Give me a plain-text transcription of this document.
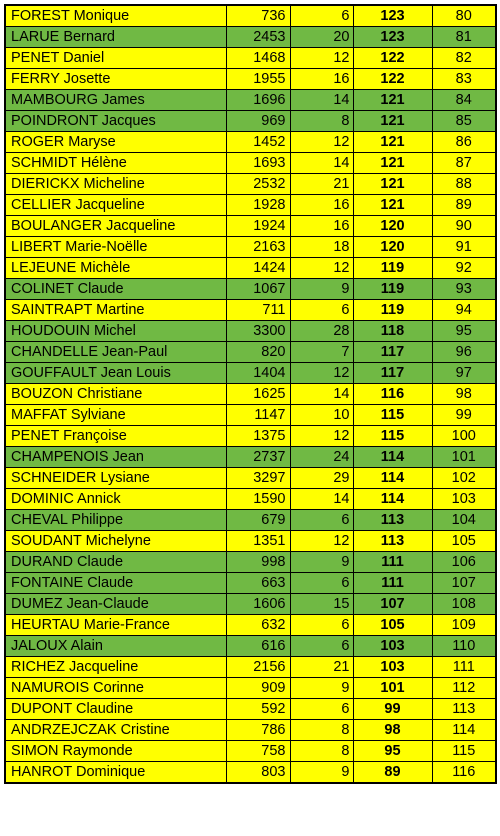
FOREST Monique	736	6	123	80
LARUE Bernard	2453	20	123	81
PENET Daniel	1468	12	122	82
FERRY Josette	1955	16	122	83
MAMBOURG James	1696	14	121	84
POINDRONT Jacques	969	8	121	85
ROGER Maryse	1452	12	121	86
SCHMIDT Hélène	1693	14	121	87
DIERICKX Micheline	2532	21	121	88
CELLIER Jacqueline	1928	16	121	89
BOULANGER Jacqueline	1924	16	120	90
LIBERT Marie-Noëlle	2163	18	120	91
LEJEUNE Michèle	1424	12	119	92
COLINET Claude	1067	9	119	93
SAINTRAPT Martine	711	6	119	94
HOUDOUIN Michel	3300	28	118	95
CHANDELLE Jean-Paul	820	7	117	96
GOUFFAULT Jean Louis	1404	12	117	97
BOUZON Christiane	1625	14	116	98
MAFFAT Sylviane	1147	10	115	99
PENET Françoise	1375	12	115	100
CHAMPENOIS Jean	2737	24	114	101
SCHNEIDER Lysiane	3297	29	114	102
DOMINIC Annick	1590	14	114	103
CHEVAL Philippe	679	6	113	104
SOUDANT Michelyne	1351	12	113	105
DURAND Claude	998	9	111	106
FONTAINE Claude	663	6	111	107
DUMEZ Jean-Claude	1606	15	107	108
HEURTAU Marie-France	632	6	105	109
JALOUX Alain	616	6	103	110
RICHEZ Jacqueline	2156	21	103	111
NAMUROIS Corinne	909	9	101	112
DUPONT Claudine	592	6	99	113
ANDRZEJCZAK Cristine	786	8	98	114
SIMON Raymonde	758	8	95	115
HANROT Dominique	803	9	89	116
